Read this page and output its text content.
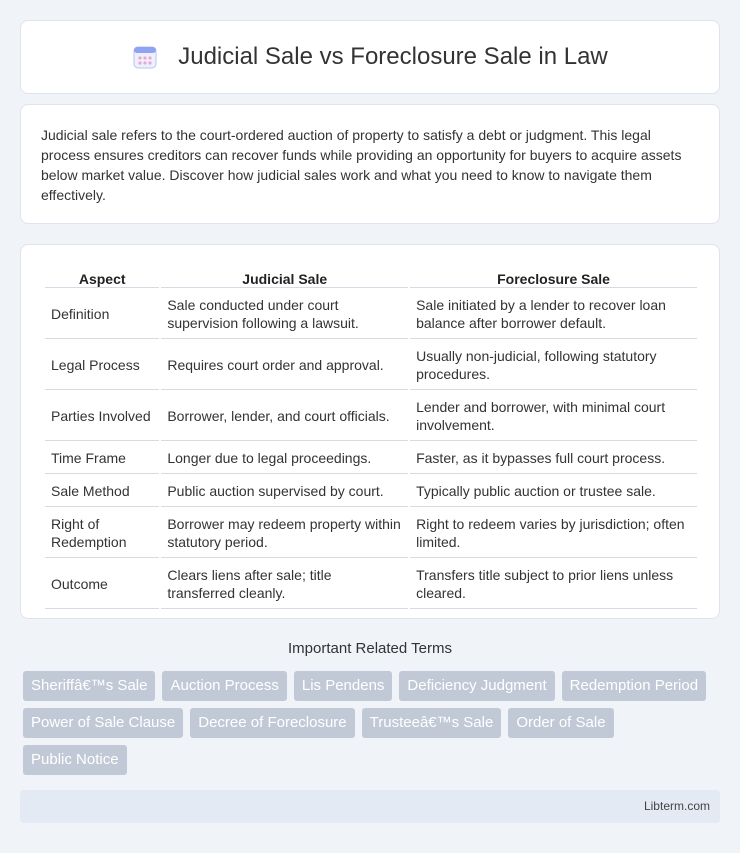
Judicial Sale vs Foreclosure Sale in Law

Judicial sale refers to the court-ordered auction of property to satisfy a debt or judgment. This legal process ensures creditors can recover funds while providing an opportunity for buyers to acquire assets below market value. Discover how judicial sales work and what you need to know to navigate them effectively.

Aspect	Judicial Sale	Foreclosure Sale
Definition	Sale conducted under court supervision following a lawsuit.	Sale initiated by a lender to recover loan balance after borrower default.
Legal Process	Requires court order and approval.	Usually non-judicial, following statutory procedures.
Parties Involved	Borrower, lender, and court officials.	Lender and borrower, with minimal court involvement.
Time Frame	Longer due to legal proceedings.	Faster, as it bypasses full court process.
Sale Method	Public auction supervised by court.	Typically public auction or trustee sale.
Right of Redemption	Borrower may redeem property within statutory period.	Right to redeem varies by jurisdiction; often limited.
Outcome	Clears liens after sale; title transferred cleanly.	Transfers title subject to prior liens unless cleared.
Important Related Terms
Sheriffâ€™s Sale	Auction Process	Lis Pendens	Deficiency Judgment	Redemption Period
Power of Sale Clause	Decree of Foreclosure	Trusteeâ€™s Sale	Order of Sale
Public Notice
Libterm.com
